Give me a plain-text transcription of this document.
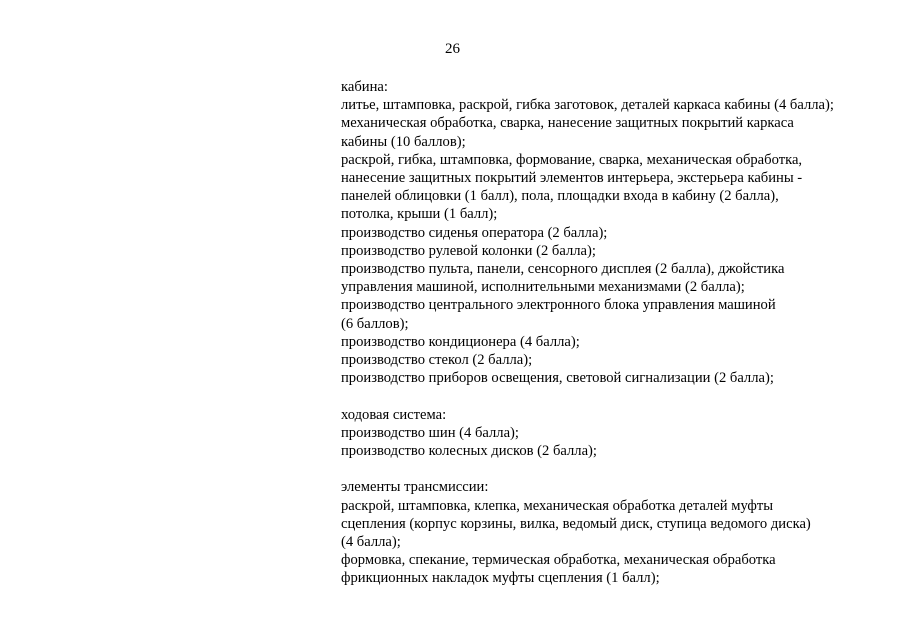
26
кабина:
литье, штамповка, раскрой, гибка заготовок, деталей каркаса кабины (4 балла);
механическая обработка, сварка, нанесение защитных покрытий каркаса
кабины (10 баллов);
раскрой, гибка, штамповка, формование, сварка, механическая обработка,
нанесение защитных покрытий элементов интерьера, экстерьера кабины -
панелей облицовки (1 балл), пола, площадки входа в кабину (2 балла),
потолка, крыши (1 балл);
производство сиденья оператора (2 балла);
производство рулевой колонки (2 балла);
производство пульта, панели, сенсорного дисплея (2 балла), джойстика
управления машиной, исполнительными механизмами (2 балла);
производство центрального электронного блока управления машиной
(6 баллов);
производство кондиционера (4 балла);
производство стекол (2 балла);
производство приборов освещения, световой сигнализации (2 балла);
ходовая система:
производство шин (4 балла);
производство колесных дисков (2 балла);
элементы трансмиссии:
раскрой, штамповка, клепка, механическая обработка деталей муфты
сцепления (корпус корзины, вилка, ведомый диск, ступица ведомого диска)
(4 балла);
формовка, спекание, термическая обработка, механическая обработка
фрикционных накладок муфты сцепления (1 балл);
